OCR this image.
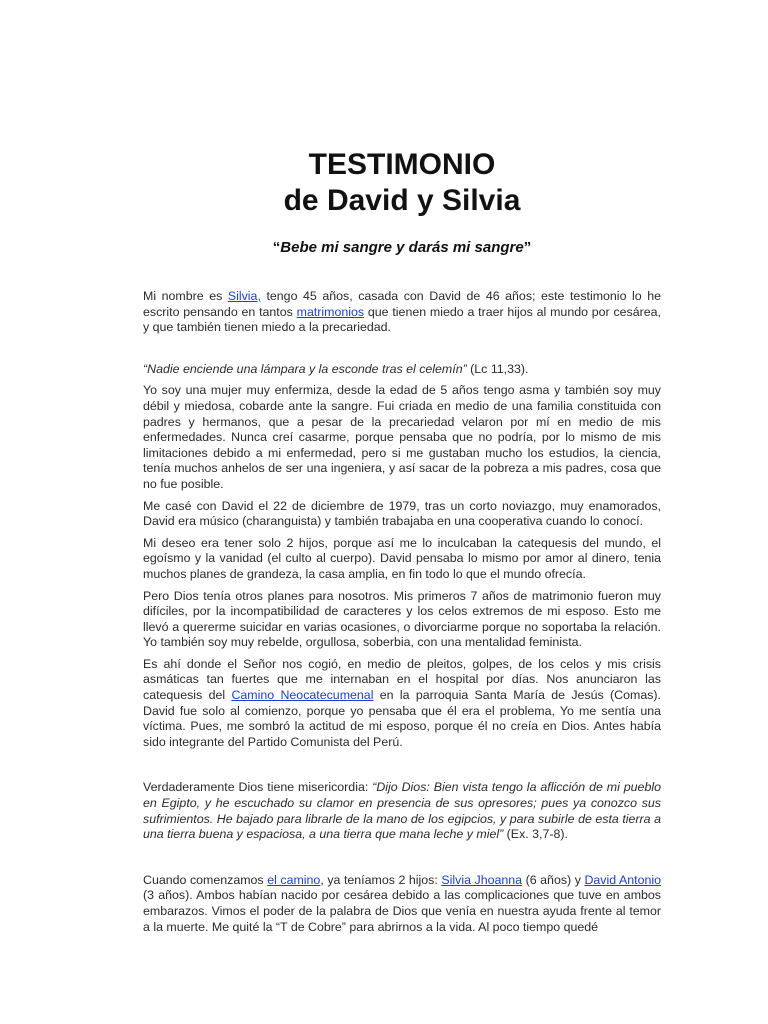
TESTIMONIO
de David y Silvia
“Bebe mi sangre y darás mi sangre”

Mi nombre es Silvia, tengo 45 años, casada con David de 46 años; este testimonio lo he escrito pensando en tantos matrimonios que tienen miedo a traer hijos al mundo por cesárea, y que también tienen miedo a la precariedad.

“Nadie enciende una lámpara y la esconde tras el celemín” (Lc 11,33).

Yo soy una mujer muy enfermiza, desde la edad de 5 años tengo asma y también soy muy débil y miedosa, cobarde ante la sangre. Fui criada en medio de una familia constituida con padres y hermanos, que a pesar de la precariedad velaron por mí en medio de mis enfermedades. Nunca creí casarme, porque pensaba que no podría, por lo mismo de mis limitaciones debido a mi enfermedad, pero si me gustaban mucho los estudios, la ciencia, tenía muchos anhelos de ser una ingeniera, y así sacar de la pobreza a mis padres, cosa que no fue posible.

Me casé con David el 22 de diciembre de 1979, tras un corto noviazgo, muy enamorados, David era músico (charanguista) y también trabajaba en una cooperativa cuando lo conocí.

Mi deseo era tener solo 2 hijos, porque así me lo inculcaban la catequesis del mundo, el egoísmo y la vanidad (el culto al cuerpo). David pensaba lo mismo por amor al dinero, tenia muchos planes de grandeza, la casa amplia, en fin todo lo que el mundo ofrecía.

Pero Dios tenía otros planes para nosotros. Mis primeros 7 años de matrimonio fueron muy difíciles, por la incompatibilidad de caracteres y los celos extremos de mi esposo. Esto me llevó a quererme suicidar en varias ocasiones, o divorciarme porque no soportaba la relación. Yo también soy muy rebelde, orgullosa, soberbia, con una mentalidad feminista.

Es ahí donde el Señor nos cogió, en medio de pleitos, golpes, de los celos y mis crisis asmáticas tan fuertes que me internaban en el hospital por días. Nos anunciaron las catequesis del Camino Neocatecumenal en la parroquia Santa María de Jesús (Comas). David fue solo al comienzo, porque yo pensaba que él era el problema, Yo me sentía una víctima. Pues, me sombró la actitud de mi esposo, porque él no creía en Dios. Antes había sido integrante del Partido Comunista del Perú.

Verdaderamente Dios tiene misericordia: “Dijo Dios: Bien vista tengo la aflicción de mi pueblo en Egipto, y he escuchado su clamor en presencia de sus opresores; pues ya conozco sus sufrimientos. He bajado para librarle de la mano de los egipcios, y para subirle de esta tierra a una tierra buena y espaciosa, a una tierra que mana leche y miel” (Ex. 3,7-8).

Cuando comenzamos el camino, ya teníamos 2 hijos: Silvia Jhoanna (6 años) y David Antonio (3 años). Ambos habían nacido por cesárea debido a las complicaciones que tuve en ambos embarazos. Vimos el poder de la palabra de Dios que venía en nuestra ayuda frente al temor a la muerte. Me quité la “T de Cobre” para abrirnos a la vida. Al poco tiempo quedé
